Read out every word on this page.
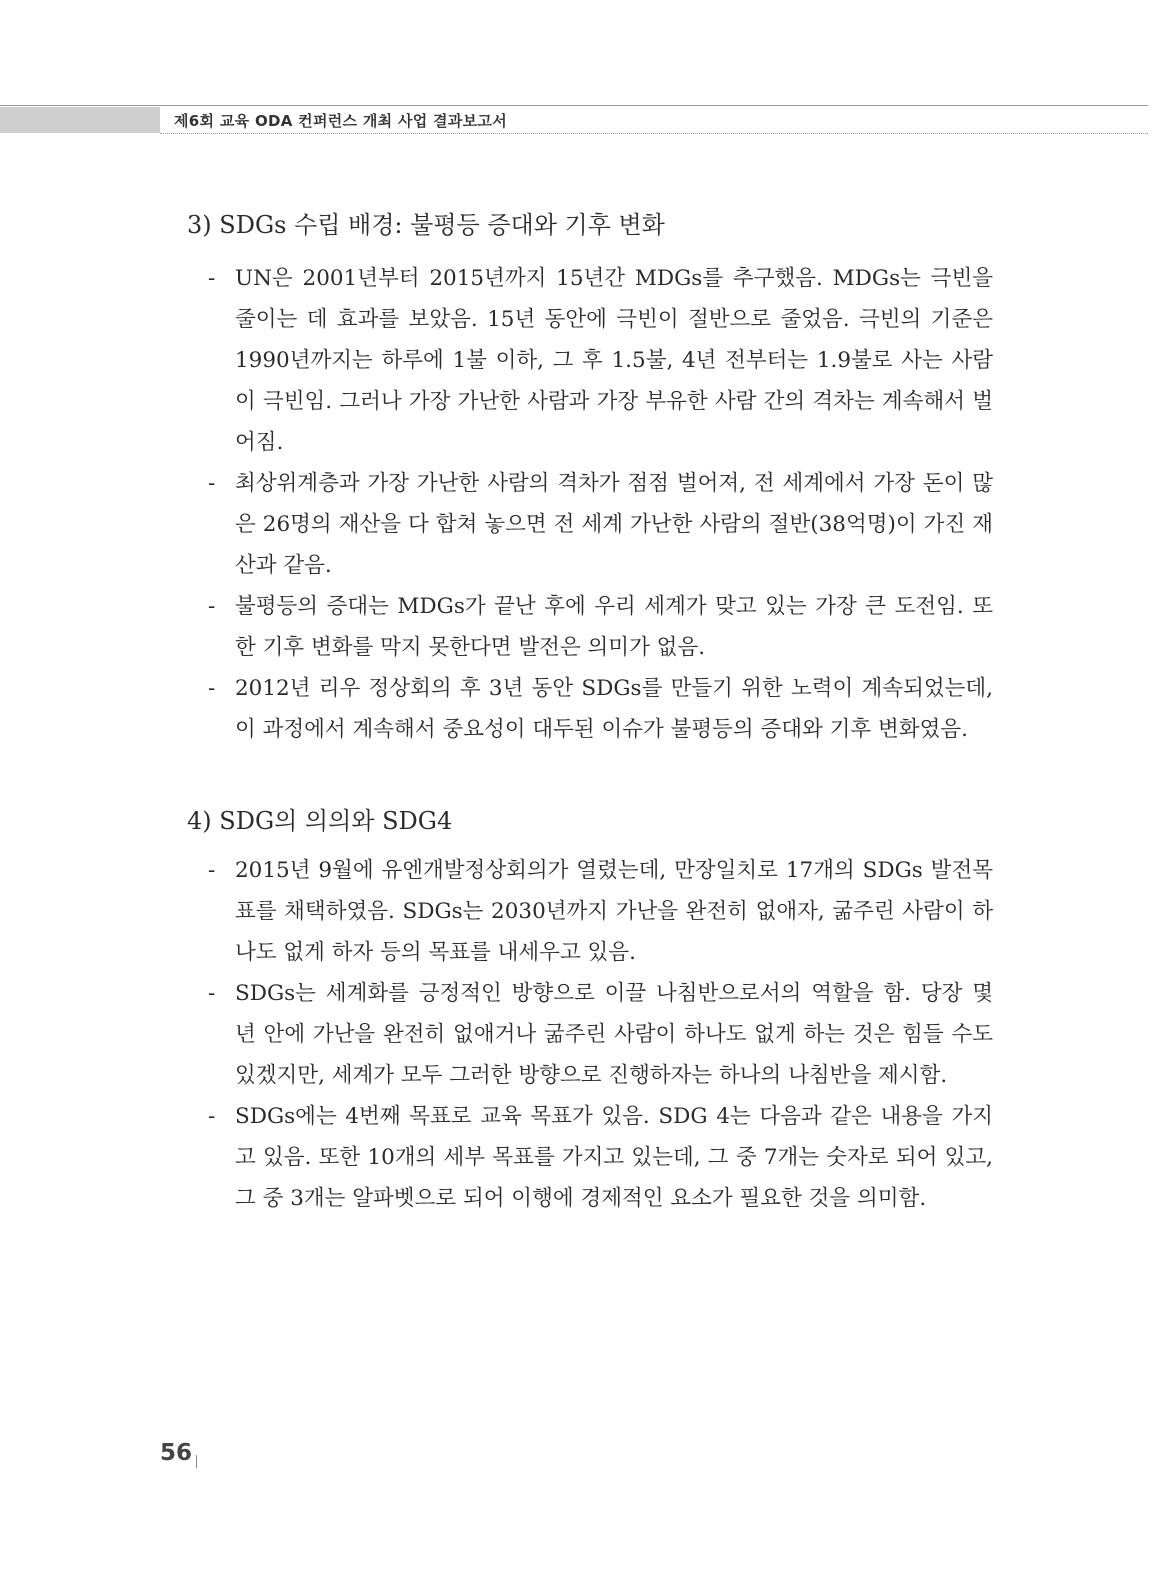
제6회 교육 ODA 컨퍼런스 개최 사업 결과보고서
3) SDGs 수립 배경: 불평등 증대와 기후 변화
- UN은 2001년부터 2015년까지 15년간 MDGs를 추구했음. MDGs는 극빈을 줄이는 데 효과를 보았음. 15년 동안에 극빈이 절반으로 줄었음. 극빈의 기준은 1990년까지는 하루에 1불 이하, 그 후 1.5불, 4년 전부터는 1.9불로 사는 사람이 극빈임. 그러나 가장 가난한 사람과 가장 부유한 사람 간의 격차는 계속해서 벌어짐.
- 최상위계층과 가장 가난한 사람의 격차가 점점 벌어져, 전 세계에서 가장 돈이 많은 26명의 재산을 다 합쳐 놓으면 전 세계 가난한 사람의 절반(38억명)이 가진 재산과 같음.
- 불평등의 증대는 MDGs가 끝난 후에 우리 세계가 맞고 있는 가장 큰 도전임. 또한 기후 변화를 막지 못한다면 발전은 의미가 없음.
- 2012년 리우 정상회의 후 3년 동안 SDGs를 만들기 위한 노력이 계속되었는데, 이 과정에서 계속해서 중요성이 대두된 이슈가 불평등의 증대와 기후 변화였음.
4) SDG의 의의와 SDG4
- 2015년 9월에 유엔개발정상회의가 열렸는데, 만장일치로 17개의 SDGs 발전목표를 채택하였음. SDGs는 2030년까지 가난을 완전히 없애자, 굶주린 사람이 하나도 없게 하자 등의 목표를 내세우고 있음.
- SDGs는 세계화를 긍정적인 방향으로 이끌 나침반으로서의 역할을 함. 당장 몇 년 안에 가난을 완전히 없애거나 굶주린 사람이 하나도 없게 하는 것은 힘들 수도 있겠지만, 세계가 모두 그러한 방향으로 진행하자는 하나의 나침반을 제시함.
- SDGs에는 4번째 목표로 교육 목표가 있음. SDG 4는 다음과 같은 내용을 가지고 있음. 또한 10개의 세부 목표를 가지고 있는데, 그 중 7개는 숫자로 되어 있고, 그 중 3개는 알파벳으로 되어 이행에 경제적인 요소가 필요한 것을 의미함.
56
